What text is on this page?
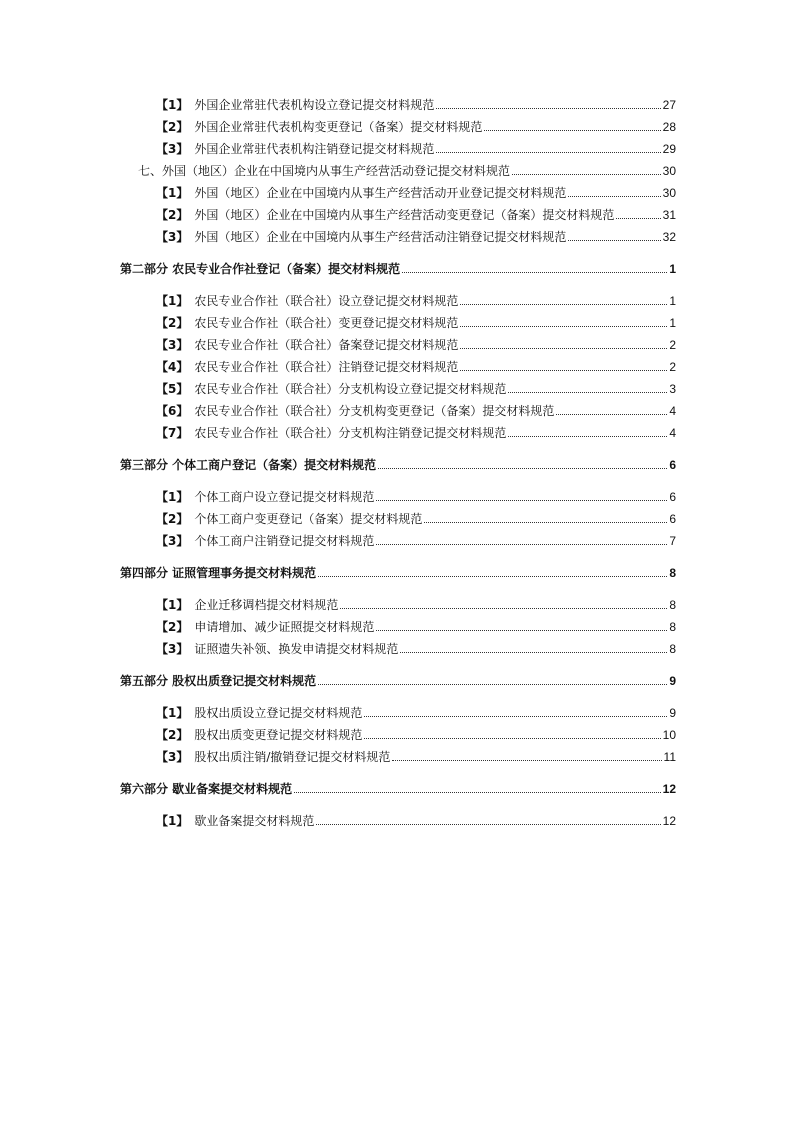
【1】 外国企业常驻代表机构设立登记提交材料规范	27
【2】 外国企业常驻代表机构变更登记（备案）提交材料规范	28
【3】 外国企业常驻代表机构注销登记提交材料规范	29
七、外国（地区）企业在中国境内从事生产经营活动登记提交材料规范	30
【1】 外国（地区）企业在中国境内从事生产经营活动开业登记提交材料规范	30
【2】 外国（地区）企业在中国境内从事生产经营活动变更登记（备案）提交材料规范	31
【3】 外国（地区）企业在中国境内从事生产经营活动注销登记提交材料规范	32
第二部分 农民专业合作社登记（备案）提交材料规范	1
【1】 农民专业合作社（联合社）设立登记提交材料规范	1
【2】 农民专业合作社（联合社）变更登记提交材料规范	1
【3】 农民专业合作社（联合社）备案登记提交材料规范	2
【4】 农民专业合作社（联合社）注销登记提交材料规范	2
【5】 农民专业合作社（联合社）分支机构设立登记提交材料规范	3
【6】 农民专业合作社（联合社）分支机构变更登记（备案）提交材料规范	4
【7】 农民专业合作社（联合社）分支机构注销登记提交材料规范	4
第三部分 个体工商户登记（备案）提交材料规范	6
【1】 个体工商户设立登记提交材料规范	6
【2】 个体工商户变更登记（备案）提交材料规范	6
【3】 个体工商户注销登记提交材料规范	7
第四部分 证照管理事务提交材料规范	8
【1】 企业迁移调档提交材料规范	8
【2】 申请增加、减少证照提交材料规范	8
【3】 证照遗失补领、换发申请提交材料规范	8
第五部分 股权出质登记提交材料规范	9
【1】 股权出质设立登记提交材料规范	9
【2】 股权出质变更登记提交材料规范	10
【3】 股权出质注销/撤销登记提交材料规范	11
第六部分 歇业备案提交材料规范	12
【1】 歇业备案提交材料规范	12
